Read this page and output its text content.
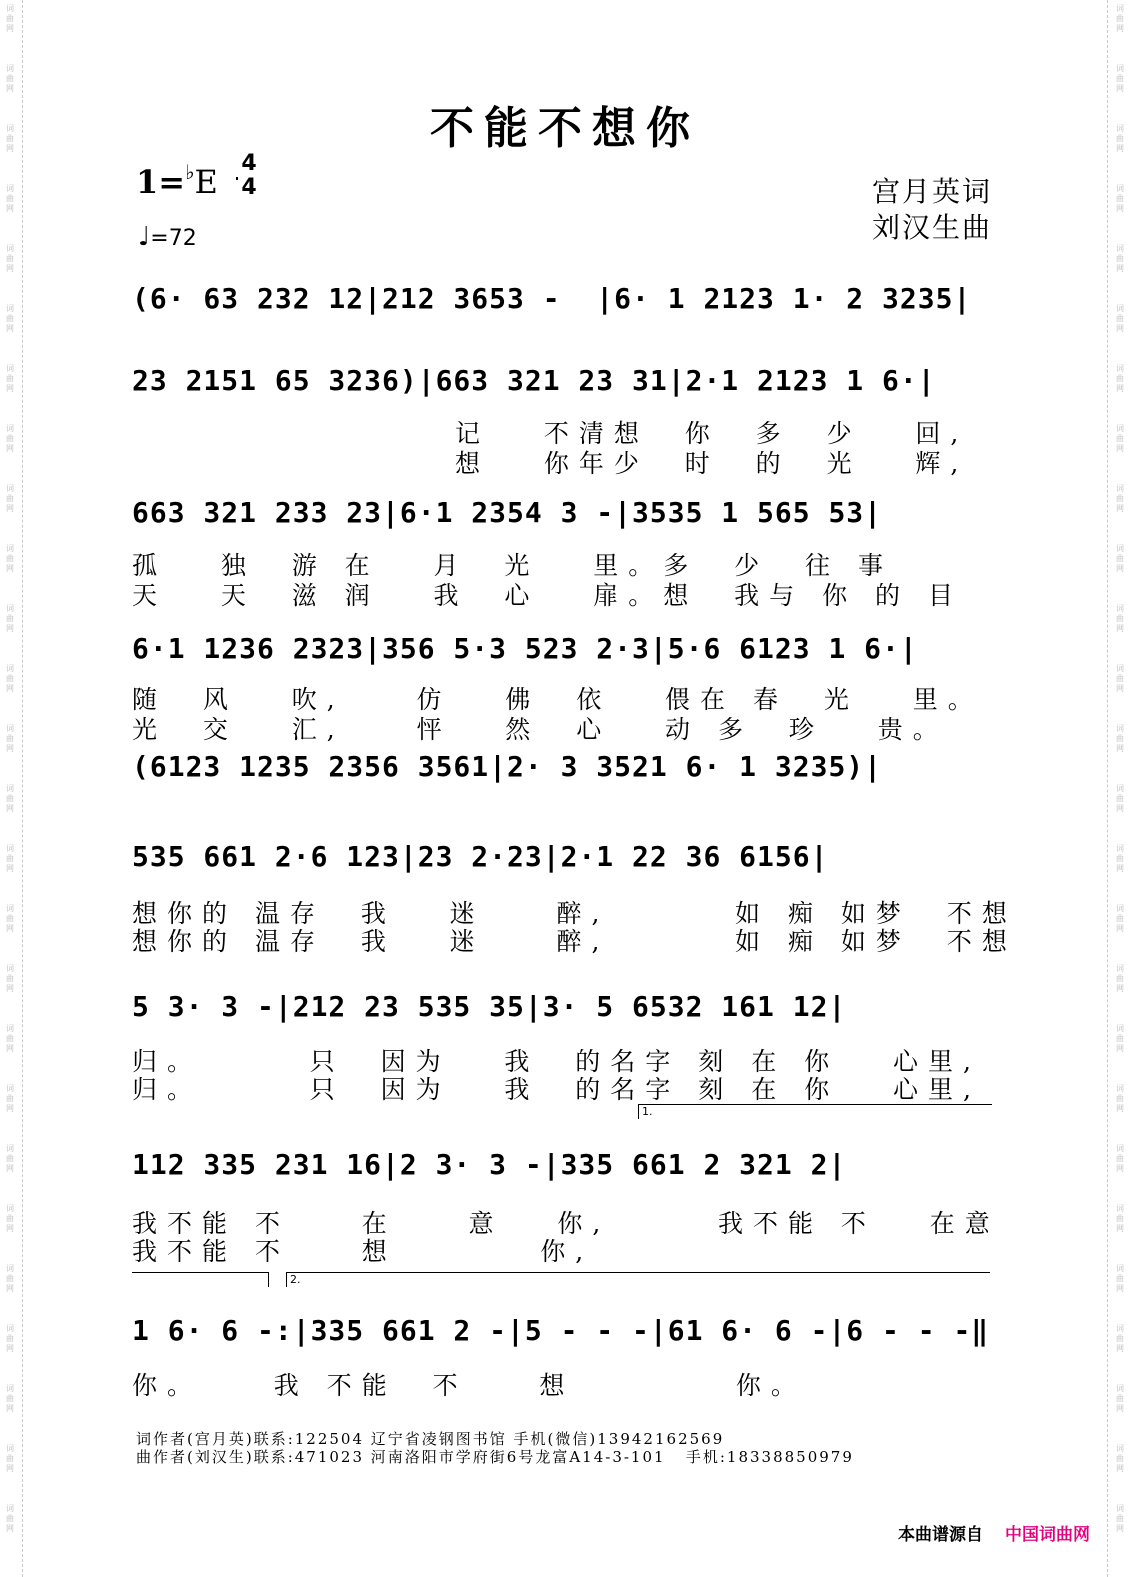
词
曲
网
词
曲
网
词
曲
网
词
曲
网
词
曲
网
词
曲
网
词
曲
网
词
曲
网
词
曲
网
词
曲
网
词
曲
网
词
曲
网
词
曲
网
词
曲
网
词
曲
网
词
曲
网
词
曲
网
词
曲
网
词
曲
网
词
曲
网
词
曲
网
词
曲
网
词
曲
网
词
曲
网
词
曲
网
词
曲
网
词
曲
网
词
曲
网
词
曲
网
词
曲
网
词
曲
网
词
曲
网
词
曲
网
词
曲
网
词
曲
网
词
曲
网
词
曲
网
词
曲
网
词
曲
网
词
曲
网
词
曲
网
词
曲
网
词
曲
网
词
曲
网
词
曲
网
词
曲
网
词
曲
网
词
曲
网
词
曲
网
词
曲
网
词
曲
网
词
曲
网
不能不想你
1=♭E 4
4
♩=72
宫月英词
刘汉生曲
(6· 63 232 12|212 3653 -  |6· 1 2123 1· 2 3235|
23 2151 65 3236)|663 321 23 31|2·1 2123 1 6·|
记   不清想  你  多  少   回,
想   你年少  时  的  光   辉,
663 321 233 23|6·1 2354 3 -|3535 1 565 53|
孤   独  游 在   月  光   里。多  少  往 事
天   天  滋 润   我  心   扉。想  我与 你 的 目
6·1 1236 2323|356 5·3 523 2·3|5·6 6123 1 6·|
随  风   吹,    仿   佛  依   偎在 春  光   里。
光  交   汇,    怦   然  心   动 多  珍   贵。
(6123 1235 2356 3561|2· 3 3521 6· 1 3235)|
535 661 2·6 123|23 2·23|2·1 22 36 6156|
想你的 温存  我   迷    醉,       如 痴 如梦  不想
想你的 温存  我   迷    醉,       如 痴 如梦  不想
5 3· 3 -|212 23 535 35|3· 5 6532 161 12|
归。      只  因为   我  的名字 刻 在 你   心里,
归。      只  因为   我  的名字 刻 在 你   心里,
1.
112 335 231 16|2 3· 3 -|335 661 2 321 2|
我不能 不    在    意   你,      我不能 不   在意
我不能 不    想        你,
2.
1 6· 6 -:|335 661 2 -|5 - - -|61 6· 6 -|6 - - -‖
你。    我 不能  不    想         你。
词作者(宫月英)联系:122504 辽宁省凌钢图书馆 手机(微信)13942162569
曲作者(刘汉生)联系:471023 河南洛阳市学府街6号龙富A14-3-101   手机:18338850979
本曲谱源自 中国词曲网
